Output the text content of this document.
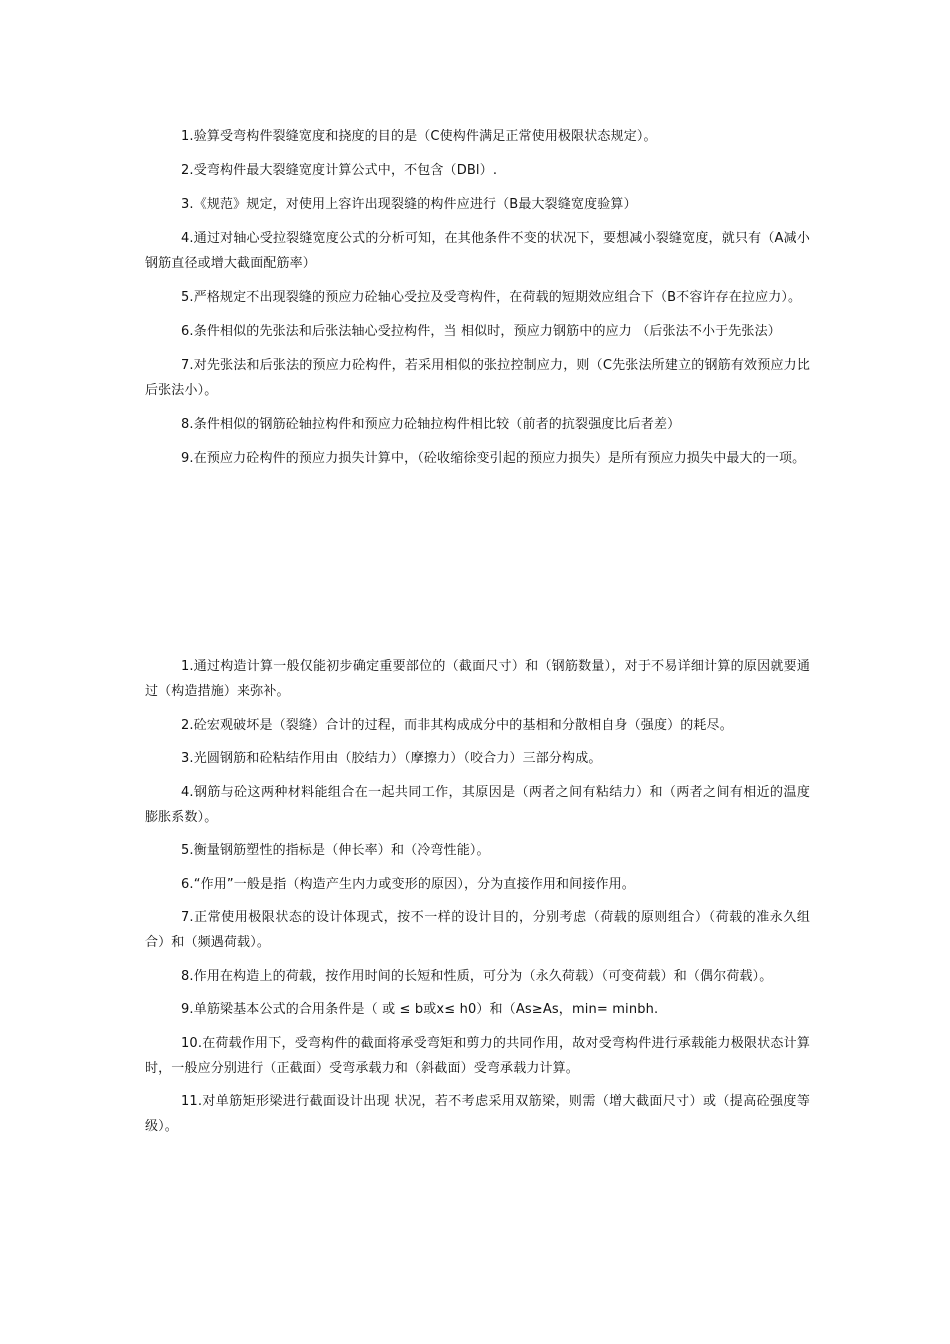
1.验算受弯构件裂缝宽度和挠度的目的是（C使构件满足正常使用极限状态规定）。

2.受弯构件最大裂缝宽度计算公式中，不包含（DBl）.

3.《规范》规定，对使用上容许出现裂缝的构件应进行（B最大裂缝宽度验算）

4.通过对轴心受拉裂缝宽度公式的分析可知，在其他条件不变的状况下，要想减小裂缝宽度，就只有（A减小钢筋直径或增大截面配筋率）

5.严格规定不出现裂缝的预应力砼轴心受拉及受弯构件，在荷载的短期效应组合下（B不容许存在拉应力）。

6.条件相似的先张法和后张法轴心受拉构件，当 相似时，预应力钢筋中的应力 （后张法不小于先张法）

7.对先张法和后张法的预应力砼构件，若采用相似的张拉控制应力，则（C先张法所建立的钢筋有效预应力比后张法小）。

8.条件相似的钢筋砼轴拉构件和预应力砼轴拉构件相比较（前者的抗裂强度比后者差）

9.在预应力砼构件的预应力损失计算中，（砼收缩徐变引起的预应力损失）是所有预应力损失中最大的一项。

1.通过构造计算一般仅能初步确定重要部位的（截面尺寸）和（钢筋数量），对于不易详细计算的原因就要通过（构造措施）来弥补。

2.砼宏观破坏是（裂缝）合计的过程，而非其构成成分中的基相和分散相自身（强度）的耗尽。

3.光圆钢筋和砼粘结作用由（胶结力）（摩擦力）（咬合力）三部分构成。

4.钢筋与砼这两种材料能组合在一起共同工作，其原因是（两者之间有粘结力）和（两者之间有相近的温度膨胀系数）。

5.衡量钢筋塑性的指标是（伸长率）和（冷弯性能）。

6.“作用”一般是指（构造产生内力或变形的原因），分为直接作用和间接作用。

7.正常使用极限状态的设计体现式，按不一样的设计目的，分别考虑（荷载的原则组合）（荷载的准永久组合）和（频遇荷载）。

8.作用在构造上的荷载，按作用时间的长短和性质，可分为（永久荷载）（可变荷载）和（偶尔荷载）。

9.单筋梁基本公式的合用条件是（ 或 ≤ b或x≤ h0）和（As≥As，min= minbh.

10.在荷载作用下，受弯构件的截面将承受弯矩和剪力的共同作用，故对受弯构件进行承载能力极限状态计算时，一般应分别进行（正截面）受弯承载力和（斜截面）受弯承载力计算。

11.对单筋矩形梁进行截面设计出现 状况，若不考虑采用双筋梁，则需（增大截面尺寸）或（提高砼强度等级）。
